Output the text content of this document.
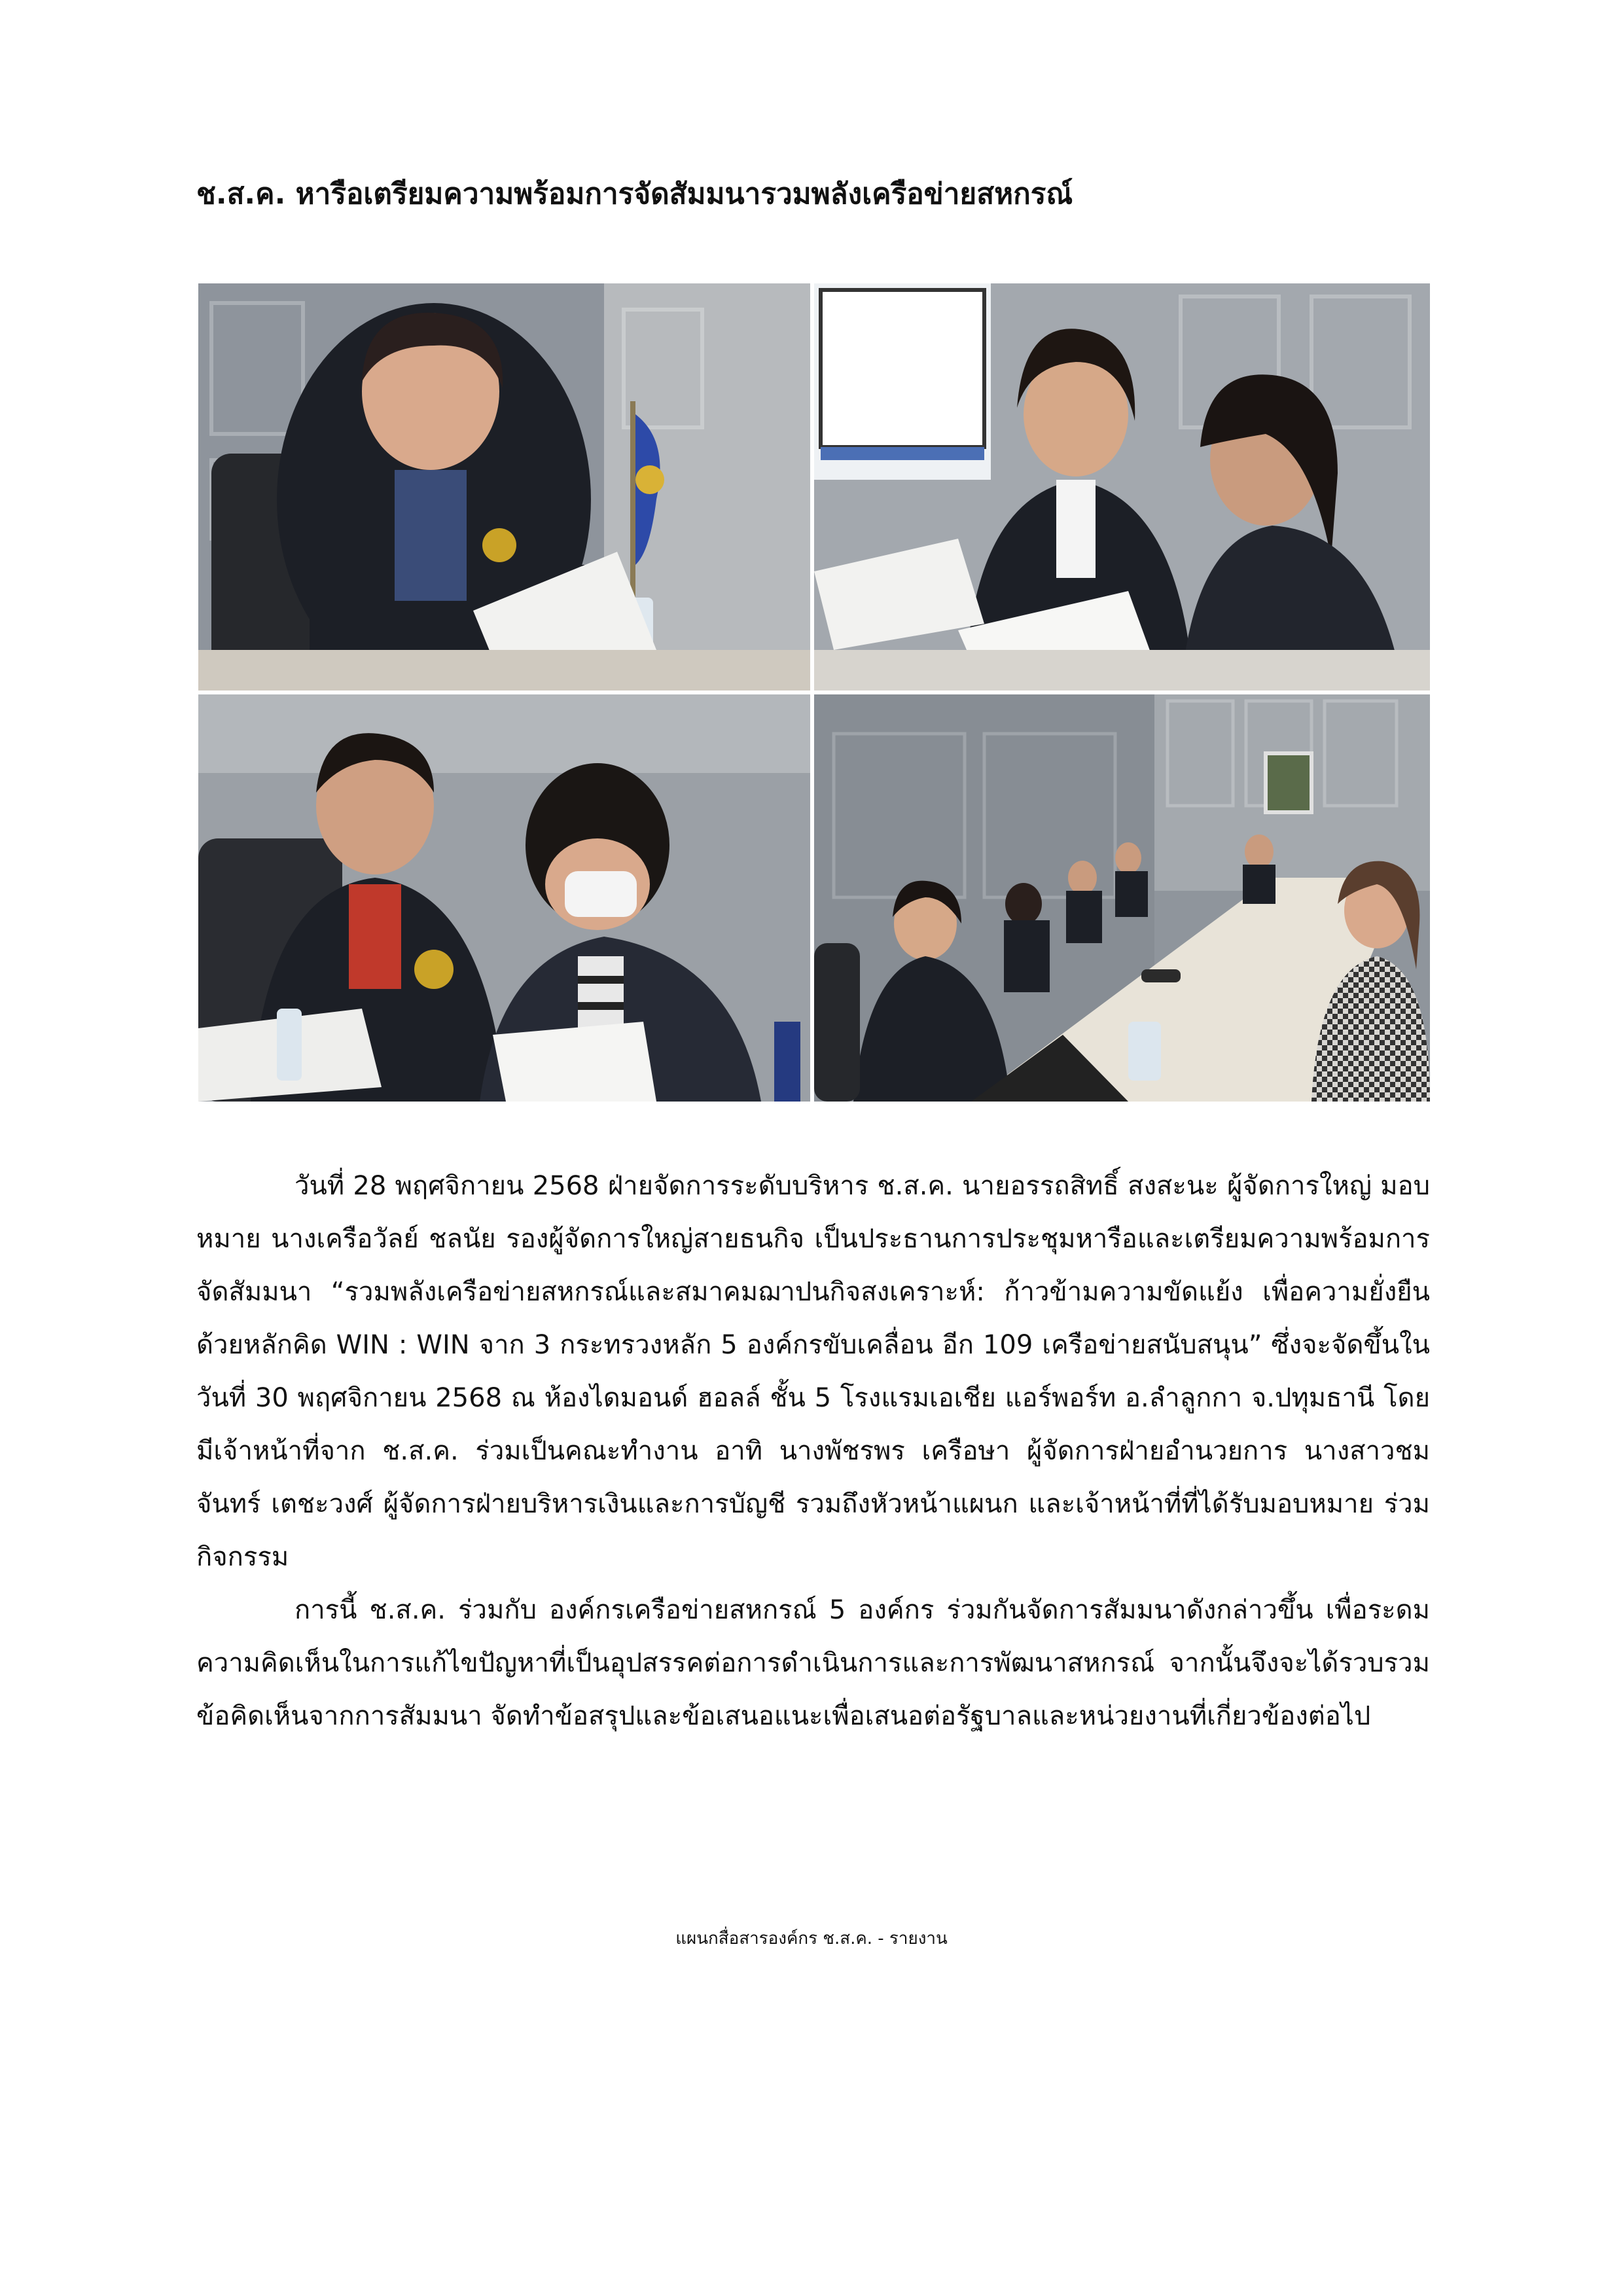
ช.ส.ค. หารือเตรียมความพร้อมการจัดสัมมนารวมพลังเครือข่ายสหกรณ์

วันที่ 28 พฤศจิกายน 2568 ฝ่ายจัดการระดับบริหาร ช.ส.ค. นายอรรถสิทธิ์ สงสะนะ ผู้จัดการใหญ่ มอบหมาย นางเครือวัลย์ ชลนัย รองผู้จัดการใหญ่สายธนกิจ เป็นประธานการประชุมหารือและเตรียมความพร้อมการจัดสัมมนา “รวมพลังเครือข่ายสหกรณ์และสมาคมฌาปนกิจสงเคราะห์: ก้าวข้ามความขัดแย้ง เพื่อความยั่งยืน ด้วยหลักคิด WIN : WIN จาก 3 กระทรวงหลัก 5 องค์กรขับเคลื่อน อีก 109 เครือข่ายสนับสนุน” ซึ่งจะจัดขึ้นในวันที่ 30 พฤศจิกายน 2568 ณ ห้องไดมอนด์ ฮอลล์ ชั้น 5 โรงแรมเอเชีย แอร์พอร์ท อ.ลำลูกกา จ.ปทุมธานี โดยมีเจ้าหน้าที่จาก ช.ส.ค. ร่วมเป็นคณะทำงาน อาทิ นางพัชรพร เครือษา ผู้จัดการฝ่ายอำนวยการ นางสาวชมจันทร์ เตชะวงศ์ ผู้จัดการฝ่ายบริหารเงินและการบัญชี รวมถึงหัวหน้าแผนก และเจ้าหน้าที่ที่ได้รับมอบหมาย ร่วมกิจกรรม

การนี้ ช.ส.ค. ร่วมกับ องค์กรเครือข่ายสหกรณ์ 5 องค์กร ร่วมกันจัดการสัมมนาดังกล่าวขึ้น เพื่อระดมความคิดเห็นในการแก้ไขปัญหาที่เป็นอุปสรรคต่อการดำเนินการและการพัฒนาสหกรณ์ จากนั้นจึงจะได้รวบรวมข้อคิดเห็นจากการสัมมนา จัดทำข้อสรุปและข้อเสนอแนะเพื่อเสนอต่อรัฐบาลและหน่วยงานที่เกี่ยวข้องต่อไป

แผนกสื่อสารองค์กร ช.ส.ค. - รายงาน
